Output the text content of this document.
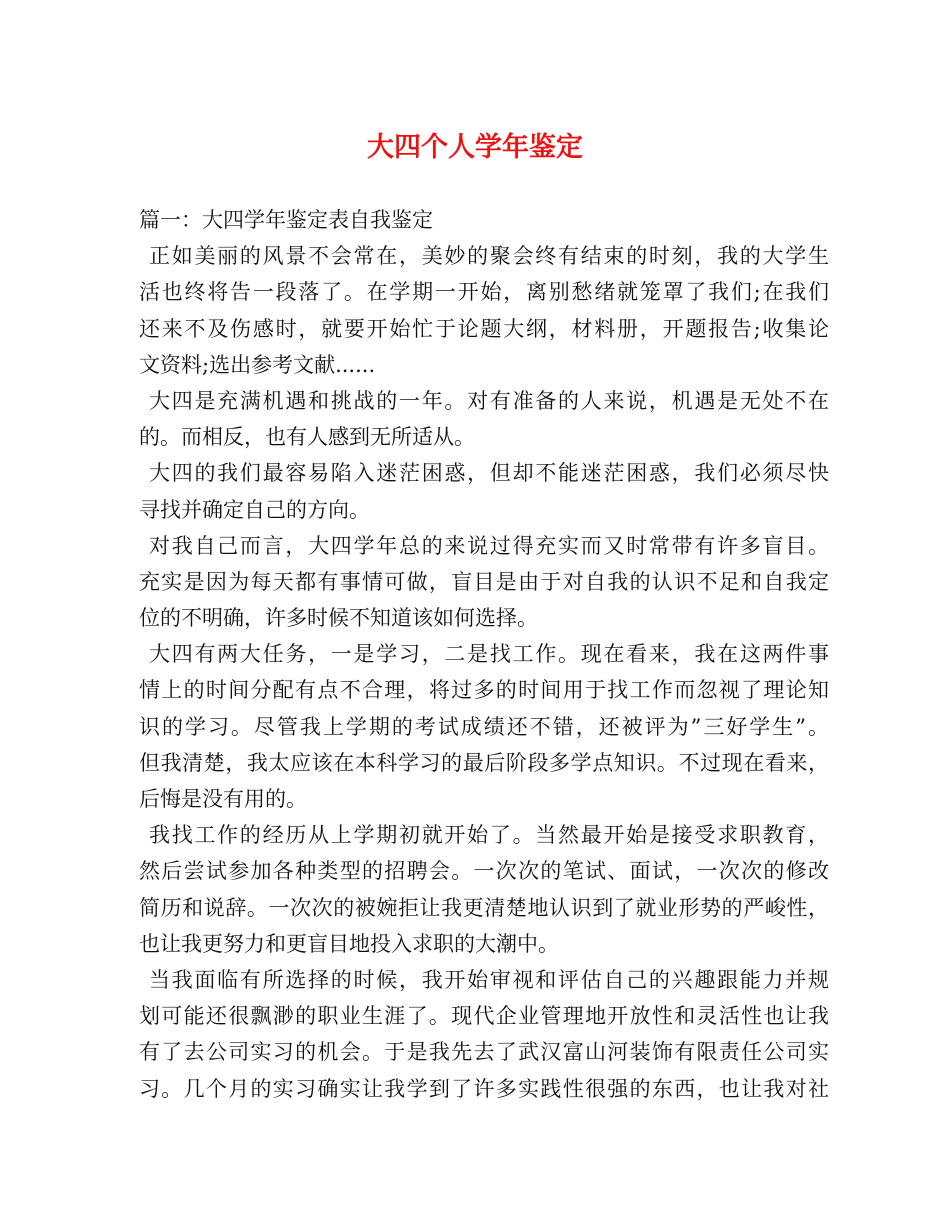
大四个人学年鉴定
篇一：大四学年鉴定表自我鉴定
正如美丽的风景不会常在，美妙的聚会终有结束的时刻，我的大学生
活也终将告一段落了。在学期一开始，离别愁绪就笼罩了我们;在我们
还来不及伤感时，就要开始忙于论题大纲，材料册，开题报告;收集论
文资料;选出参考文献......
大四是充满机遇和挑战的一年。对有准备的人来说，机遇是无处不在
的。而相反，也有人感到无所适从。
大四的我们最容易陷入迷茫困惑，但却不能迷茫困惑，我们必须尽快
寻找并确定自己的方向。
对我自己而言，大四学年总的来说过得充实而又时常带有许多盲目。
充实是因为每天都有事情可做，盲目是由于对自我的认识不足和自我定
位的不明确，许多时候不知道该如何选择。
大四有两大任务，一是学习，二是找工作。现在看来，我在这两件事
情上的时间分配有点不合理，将过多的时间用于找工作而忽视了理论知
识的学习。尽管我上学期的考试成绩还不错，还被评为”三好学生”。
但我清楚，我太应该在本科学习的最后阶段多学点知识。不过现在看来，
后悔是没有用的。
我找工作的经历从上学期初就开始了。当然最开始是接受求职教育，
然后尝试参加各种类型的招聘会。一次次的笔试、面试，一次次的修改
简历和说辞。一次次的被婉拒让我更清楚地认识到了就业形势的严峻性，
也让我更努力和更盲目地投入求职的大潮中。
当我面临有所选择的时候，我开始审视和评估自己的兴趣跟能力并规
划可能还很飘渺的职业生涯了。现代企业管理地开放性和灵活性也让我
有了去公司实习的机会。于是我先去了武汉富山河装饰有限责任公司实
习。几个月的实习确实让我学到了许多实践性很强的东西，也让我对社
